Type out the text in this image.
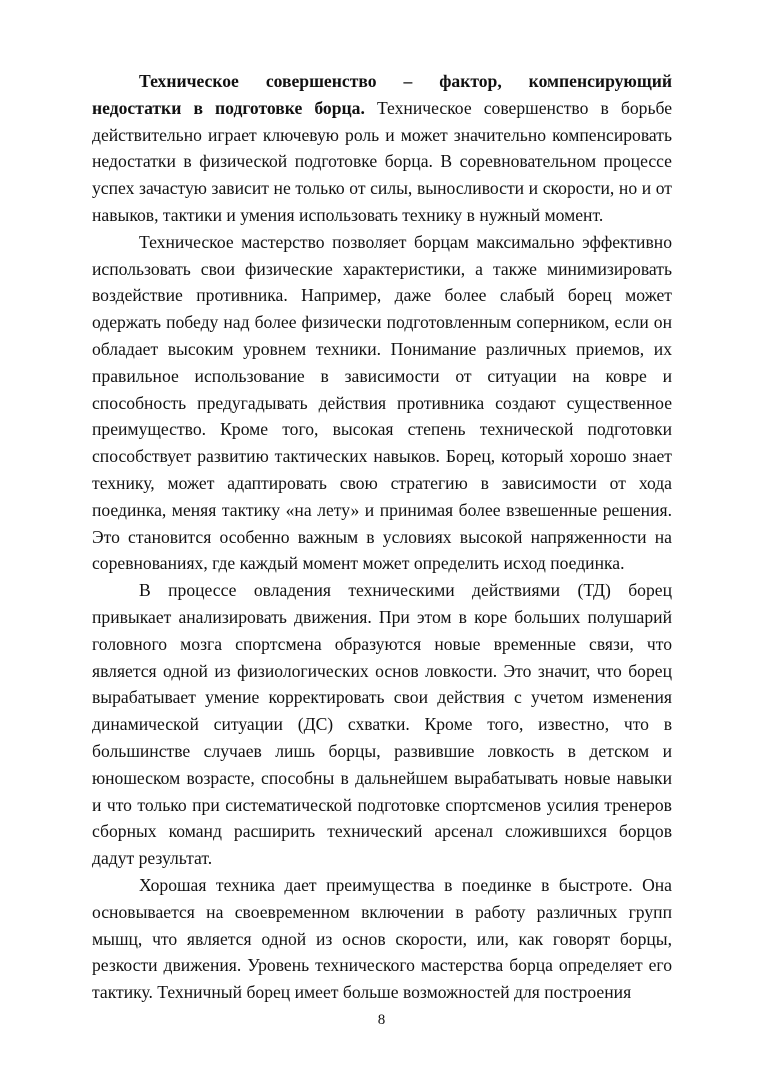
Техническое совершенство – фактор, компенсирующий недостатки в подготовке борца. Техническое совершенство в борьбе действительно играет ключевую роль и может значительно компенсировать недостатки в физической подготовке борца. В соревновательном процессе успех зачастую зависит не только от силы, выносливости и скорости, но и от навыков, тактики и умения использовать технику в нужный момент.

Техническое мастерство позволяет борцам максимально эффективно использовать свои физические характеристики, а также минимизировать воздействие противника. Например, даже более слабый борец может одержать победу над более физически подготовленным соперником, если он обладает высоким уровнем техники. Понимание различных приемов, их правильное использование в зависимости от ситуации на ковре и способность предугадывать действия противника создают существенное преимущество. Кроме того, высокая степень технической подготовки способствует развитию тактических навыков. Борец, который хорошо знает технику, может адаптировать свою стратегию в зависимости от хода поединка, меняя тактику «на лету» и принимая более взвешенные решения. Это становится особенно важным в условиях высокой напряженности на соревнованиях, где каждый момент может определить исход поединка.

В процессе овладения техническими действиями (ТД) борец привыкает анализировать движения. При этом в коре больших полушарий головного мозга спортсмена образуются новые временные связи, что является одной из физиологических основ ловкости. Это значит, что борец вырабатывает умение корректировать свои действия с учетом изменения динамической ситуации (ДС) схватки. Кроме того, известно, что в большинстве случаев лишь борцы, развившие ловкость в детском и юношеском возрасте, способны в дальнейшем вырабатывать новые навыки и что только при систематической подготовке спортсменов усилия тренеров сборных команд расширить технический арсенал сложившихся борцов дадут результат.

Хорошая техника дает преимущества в поединке в быстроте. Она основывается на своевременном включении в работу различных групп мышц, что является одной из основ скорости, или, как говорят борцы, резкости движения. Уровень технического мастерства борца определяет его тактику. Техничный борец имеет больше возможностей для построения

8
